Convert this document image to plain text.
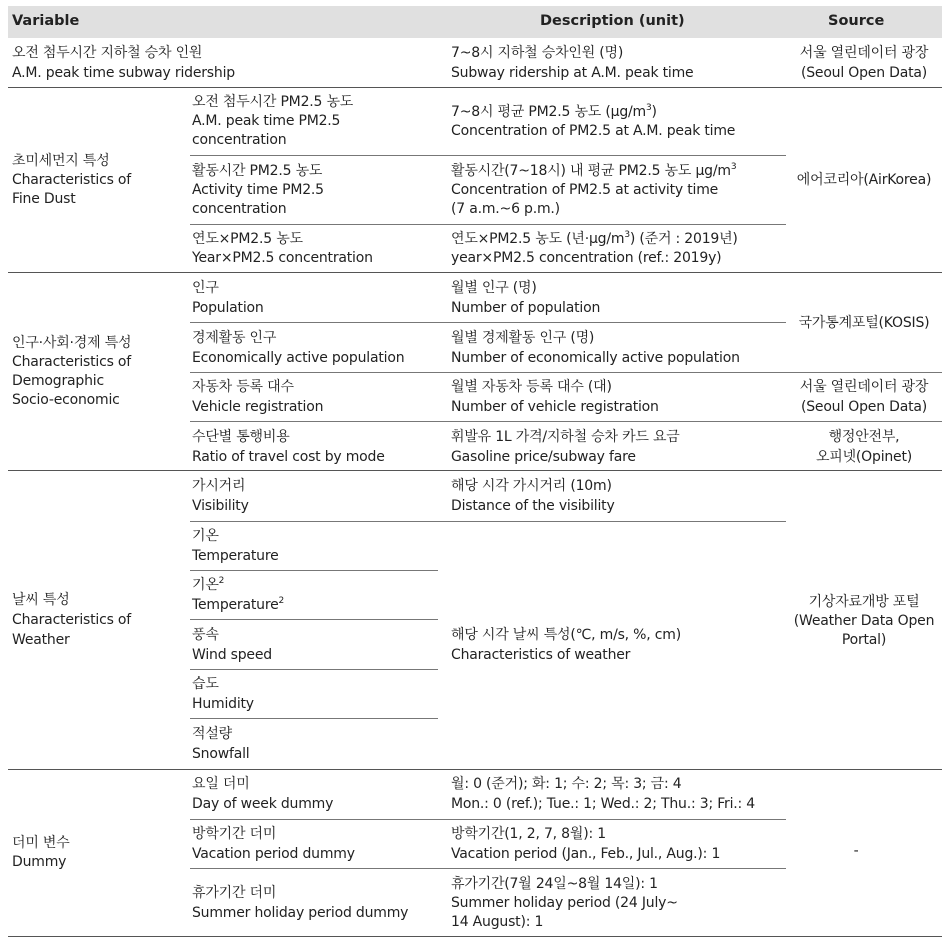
Variable	Description (unit)	Source
오전 첨두시간 지하철 승차 인원
A.M. peak time subway ridership
7~8시 지하철 승차인원 (명)
Subway ridership at A.M. peak time
서울 열린데이터 광장
(Seoul Open Data)
초미세먼지 특성
Characteristics of
Fine Dust
에어코리아(AirKorea)
오전 첨두시간 PM2.5 농도
A.M. peak time PM2.5
concentration
7~8시 평균 PM2.5 농도 $(\mu g/m^3)$
Concentration of PM2.5 at A.M. peak time
활동시간 PM2.5 농도
Activity time PM2.5
concentration
활동시간(7~18시) 내 평균 PM2.5 농도 $\mu g/m^3$
Concentration of PM2.5 at activity time
(7 a.m.~6 p.m.)
연도×PM2.5 농도
Year×PM2.5 concentration
연도×PM2.5 농도 (년$\cdot\mu g/m^3$) (준거 : 2019년)
year×PM2.5 concentration (ref.: 2019y)
인구·사회·경제 특성
Characteristics of
Demographic
Socio-economic
인구
Population
월별 인구 (명)
Number of population
경제활동 인구
Economically active population
월별 경제활동 인구 (명)
Number of economically active population
국가통계포털(KOSIS)
자동차 등록 대수
Vehicle registration
월별 자동차 등록 대수 (대)
Number of vehicle registration
서울 열린데이터 광장
(Seoul Open Data)
수단별 통행비용
Ratio of travel cost by mode
휘발유 1L 가격/지하철 승차 카드 요금
Gasoline price/subway fare
행정안전부,
오피넷(Opinet)
날씨 특성
Characteristics of
Weather
기상자료개방 포털
(Weather Data Open
Portal)
가시거리
Visibility
해당 시각 가시거리 (10m)
Distance of the visibility
기온
Temperature
기온$^2$
Temperature$^2$
풍속
Wind speed
해당 시각 날씨 특성(℃, m/s, %, cm)
Characteristics of weather
습도
Humidity
적설량
Snowfall
더미 변수
Dummy
-
요일 더미
Day of week dummy
월: 0 (준거); 화: 1; 수: 2; 목: 3; 금: 4
Mon.: 0 (ref.); Tue.: 1; Wed.: 2; Thu.: 3; Fri.: 4
방학기간 더미
Vacation period dummy
방학기간(1, 2, 7, 8월): 1
Vacation period (Jan., Feb., Jul., Aug.): 1
휴가기간 더미
Summer holiday period dummy
휴가기간(7월 24일~8월 14일): 1
Summer holiday period (24 July~
14 August): 1
